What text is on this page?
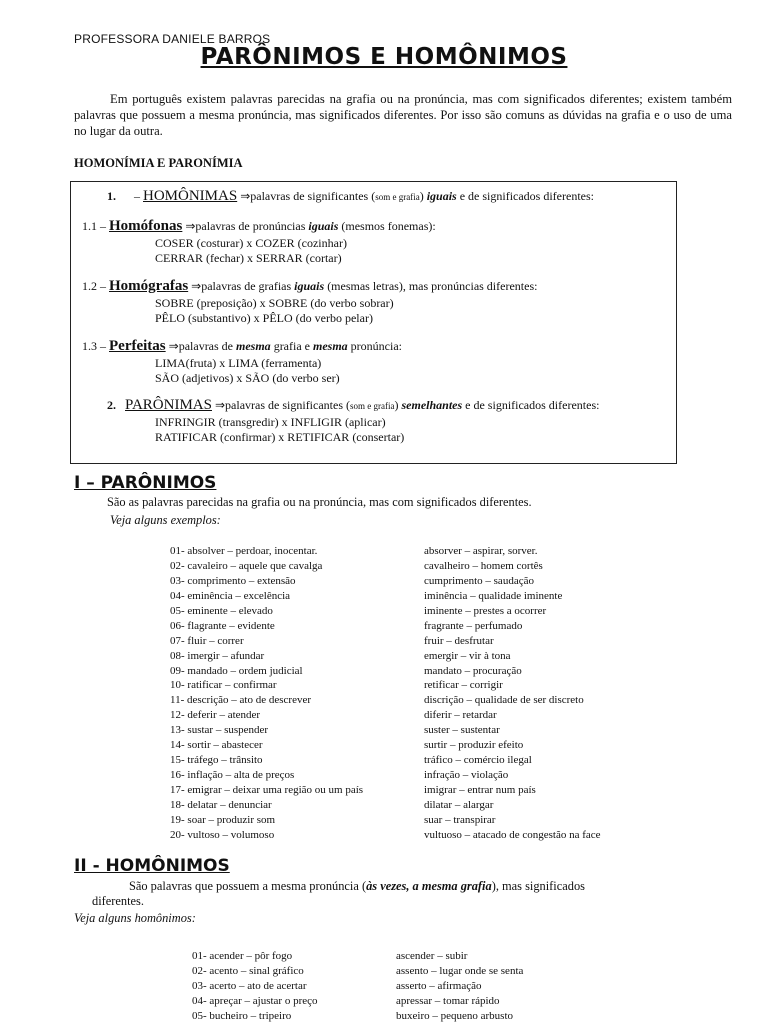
PROFESSORA DANIELE BARROS
PARÔNIMOS E HOMÔNIMOS
Em português existem palavras parecidas na grafia ou na pronúncia, mas com significados diferentes; existem também palavras que possuem a mesma pronúncia, mas significados diferentes. Por isso são comuns as dúvidas na grafia e o uso de uma no lugar da outra.
HOMONÍMIA E PARONÍMIA
1.      – HOMÔNIMAS ⇒palavras de significantes (som e grafia) iguais e de significados diferentes:
1.1 – Homófonas ⇒palavras de pronúncias iguais (mesmos fonemas):
COSER (costurar) x COZER (cozinhar)
CERRAR (fechar) x SERRAR (cortar)
1.2 – Homógrafas ⇒palavras de grafias iguais (mesmas letras), mas pronúncias diferentes:
SOBRE (preposição) x SOBRE (do verbo sobrar)
PÊLO (substantivo) x PÊLO (do verbo pelar)
1.3 – Perfeitas ⇒palavras de mesma grafia e mesma pronúncia:
LIMA(fruta) x LIMA (ferramenta)
SÃO (adjetivos) x SÃO (do verbo ser)
2. PARÔNIMAS ⇒palavras de significantes (som e grafia) semelhantes e de significados diferentes:
INFRINGIR (transgredir) x INFLIGIR (aplicar)
RATIFICAR (confirmar) x RETIFICAR (consertar)
I – PARÔNIMOS
São as palavras parecidas na grafia ou na pronúncia, mas com significados diferentes.
Veja alguns exemplos:
01- absolver – perdoar, inocentar.
02- cavaleiro – aquele que cavalga
03- comprimento – extensão
04- eminência – excelência
05- eminente – elevado
06- flagrante – evidente
07- fluir – correr
08- imergir – afundar
09- mandado – ordem judicial
10- ratificar – confirmar
11- descrição – ato de descrever
12- deferir – atender
13- sustar – suspender
14- sortir – abastecer
15- tráfego – trânsito
16- inflação – alta de preços
17- emigrar – deixar uma região ou um país
18- delatar – denunciar
19- soar – produzir som
20- vultoso – volumoso
absorver – aspirar, sorver.
cavalheiro – homem cortês
cumprimento – saudação
iminência – qualidade iminente
iminente – prestes a ocorrer
fragrante – perfumado
fruir – desfrutar
emergir – vir à tona
mandato – procuração
retificar – corrigir
discrição – qualidade de ser discreto
diferir – retardar
suster – sustentar
surtir – produzir efeito
tráfico – comércio ilegal
infração – violação
imigrar – entrar num país
dilatar – alargar
suar – transpirar
vultuoso – atacado de congestão na face
II - HOMÔNIMOS
São palavras que possuem a mesma pronúncia (às vezes, a mesma grafia), mas significados
diferentes.
Veja alguns homônimos:
01- acender – pôr fogo
02- acento – sinal gráfico
03- acerto – ato de acertar
04- apreçar – ajustar o preço
05- bucheiro – tripeiro
ascender – subir
assento – lugar onde se senta
asserto – afirmação
apressar – tomar rápido
buxeiro – pequeno arbusto
